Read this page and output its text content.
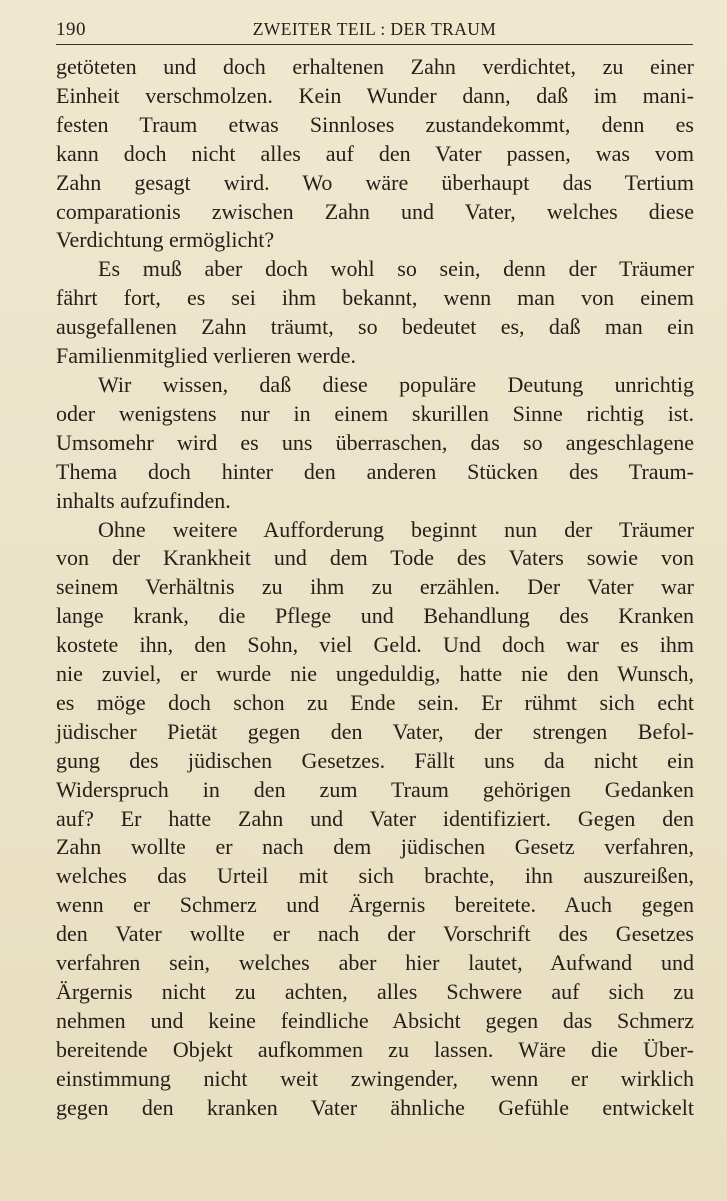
190	ZWEITER TEIL : DER TRAUM
getöteten und doch erhaltenen Zahn verdichtet, zu einer
Einheit verschmolzen. Kein Wunder dann, daß im mani-
festen Traum etwas Sinnloses zustandekommt, denn es
kann doch nicht alles auf den Vater passen, was vom
Zahn gesagt wird. Wo wäre überhaupt das Tertium
comparationis zwischen Zahn und Vater, welches diese
Verdichtung ermöglicht?
Es muß aber doch wohl so sein, denn der Träumer
fährt fort, es sei ihm bekannt, wenn man von einem
ausgefallenen Zahn träumt, so bedeutet es, daß man ein
Familienmitglied verlieren werde.
Wir wissen, daß diese populäre Deutung unrichtig
oder wenigstens nur in einem skurillen Sinne richtig ist.
Umsomehr wird es uns überraschen, das so angeschlagene
Thema doch hinter den anderen Stücken des Traum-
inhalts aufzufinden.
Ohne weitere Aufforderung beginnt nun der Träumer
von der Krankheit und dem Tode des Vaters sowie von
seinem Verhältnis zu ihm zu erzählen. Der Vater war
lange krank, die Pflege und Behandlung des Kranken
kostete ihn, den Sohn, viel Geld. Und doch war es ihm
nie zuviel, er wurde nie ungeduldig, hatte nie den Wunsch,
es möge doch schon zu Ende sein. Er rühmt sich echt
jüdischer Pietät gegen den Vater, der strengen Befol-
gung des jüdischen Gesetzes. Fällt uns da nicht ein
Widerspruch in den zum Traum gehörigen Gedanken
auf? Er hatte Zahn und Vater identifiziert. Gegen den
Zahn wollte er nach dem jüdischen Gesetz verfahren,
welches das Urteil mit sich brachte, ihn auszureißen,
wenn er Schmerz und Ärgernis bereitete. Auch gegen
den Vater wollte er nach der Vorschrift des Gesetzes
verfahren sein, welches aber hier lautet, Aufwand und
Ärgernis nicht zu achten, alles Schwere auf sich zu
nehmen und keine feindliche Absicht gegen das Schmerz
bereitende Objekt aufkommen zu lassen. Wäre die Über-
einstimmung nicht weit zwingender, wenn er wirklich
gegen den kranken Vater ähnliche Gefühle entwickelt
